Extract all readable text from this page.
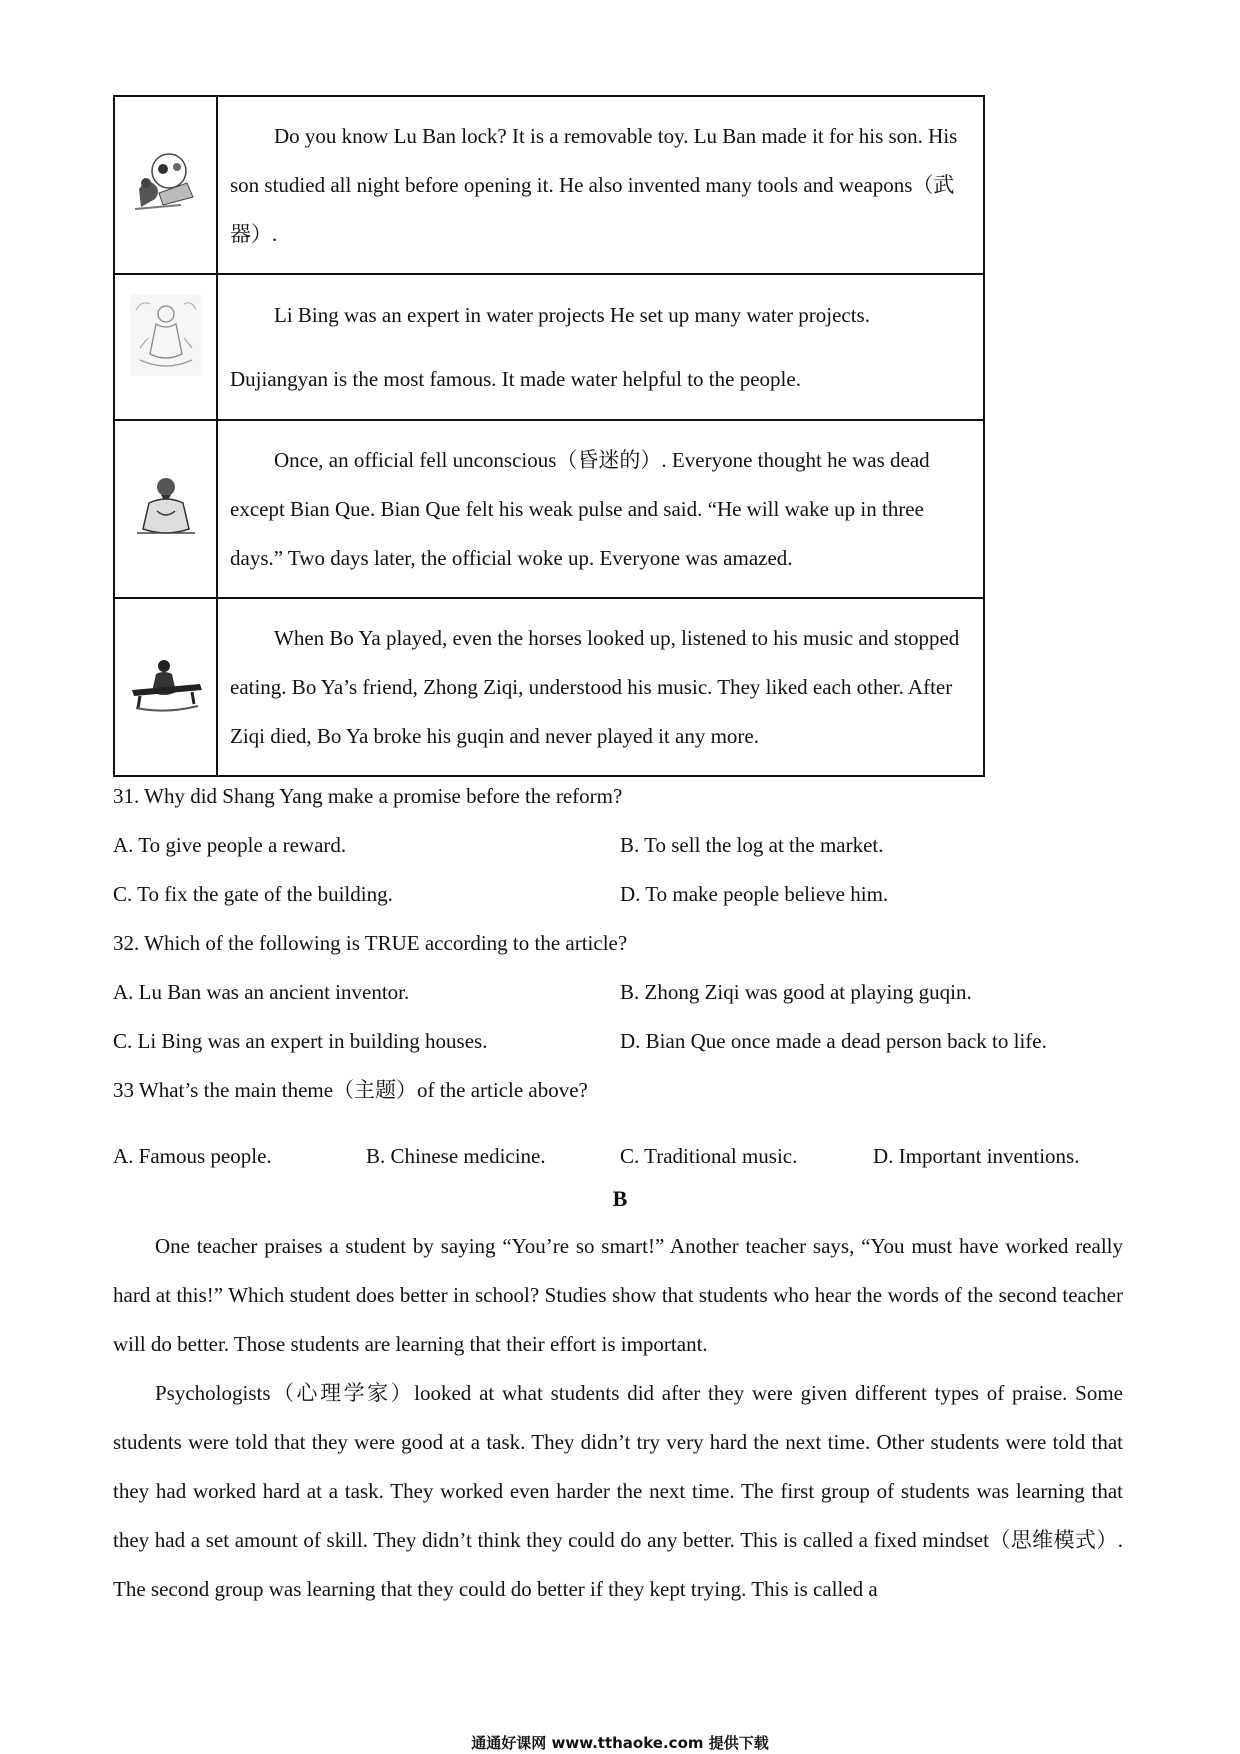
	Do you know Lu Ban lock? It is a removable toy. Lu Ban made it for his son. His son studied all night before opening it. He also invented many tools and weapons（武器）.
	Li Bing was an expert in water projects He set up many water projects. Dujiangyan is the most famous. It made water helpful to the people.
	Once, an official fell unconscious（昏迷的）. Everyone thought he was dead except Bian Que. Bian Que felt his weak pulse and said. “He will wake up in three days.” Two days later, the official woke up. Everyone was amazed.
	When Bo Ya played, even the horses looked up, listened to his music and stopped eating. Bo Ya’s friend, Zhong Ziqi, understood his music. They liked each other. After Ziqi died, Bo Ya broke his guqin and never played it any more.
31. Why did Shang Yang make a promise before the reform?
A. To give people a reward.	B. To sell the log at the market.
C. To fix the gate of the building.	D. To make people believe him.
32. Which of the following is TRUE according to the article?
A. Lu Ban was an ancient inventor.	B. Zhong Ziqi was good at playing guqin.
C. Li Bing was an expert in building houses.	D. Bian Que once made a dead person back to life.
33 What’s the main theme（主题）of the article above?
A. Famous people.	B. Chinese medicine.	C. Traditional music.	D. Important inventions.
B

One teacher praises a student by saying “You’re so smart!” Another teacher says, “You must have worked really hard at this!” Which student does better in school? Studies show that students who hear the words of the second teacher will do better. Those students are learning that their effort is important.

Psychologists（心理学家）looked at what students did after they were given different types of praise. Some students were told that they were good at a task. They didn’t try very hard the next time. Other students were told that they had worked hard at a task. They worked even harder the next time. The first group of students was learning that they had a set amount of skill. They didn’t think they could do any better. This is called a fixed mindset（思维模式）. The second group was learning that they could do better if they kept trying. This is called a

通通好课网 www.tthaoke.com 提供下载
